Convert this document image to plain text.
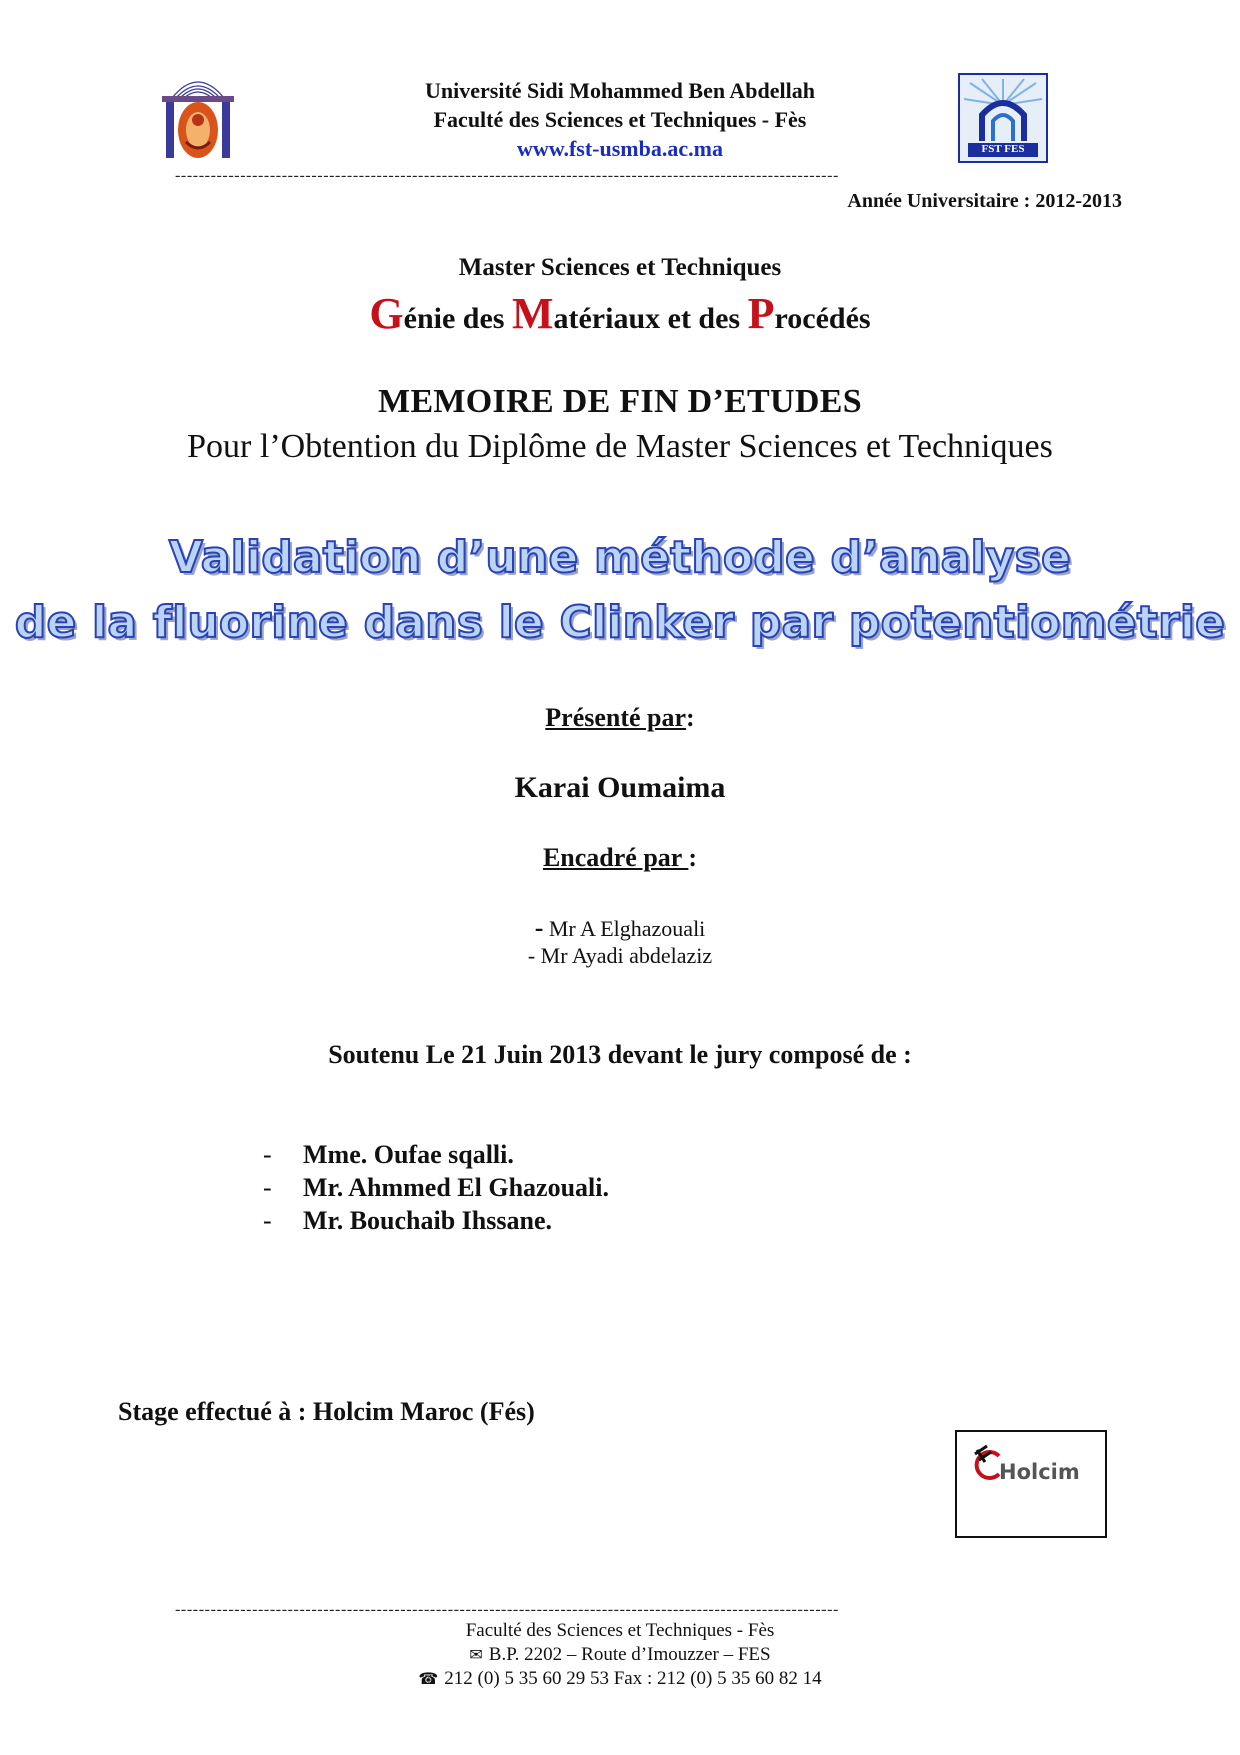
Université Sidi Mohammed Ben Abdellah
Faculté des Sciences et Techniques - Fès
www.fst-usmba.ac.ma	FST FES
----------------------------------------------------------------------------------------------------------------
Année Universitaire : 2012-2013
Master Sciences et Techniques
Génie des Matériaux et des Procédés
MEMOIRE DE FIN D’ETUDES
Pour l’Obtention du Diplôme de Master Sciences et Techniques
Validation d’une méthode d’analyse
de la fluorine dans le Clinker par potentiométrie
Présenté par:
Karai Oumaima
Encadré par :
- Mr A Elghazouali
- Mr Ayadi abdelaziz
Soutenu Le 21 Juin 2013 devant le jury composé de :
- Mme. Oufae sqalli.
- Mr. Ahmmed El Ghazouali.
- Mr. Bouchaib Ihssane.
Stage effectué à : Holcim Maroc (Fés)
Holcim
----------------------------------------------------------------------------------------------------------------
Faculté des Sciences et Techniques - Fès
✉ B.P. 2202 – Route d’Imouzzer – FES
☎ 212 (0) 5 35 60 29 53 Fax : 212 (0) 5 35 60 82 14
